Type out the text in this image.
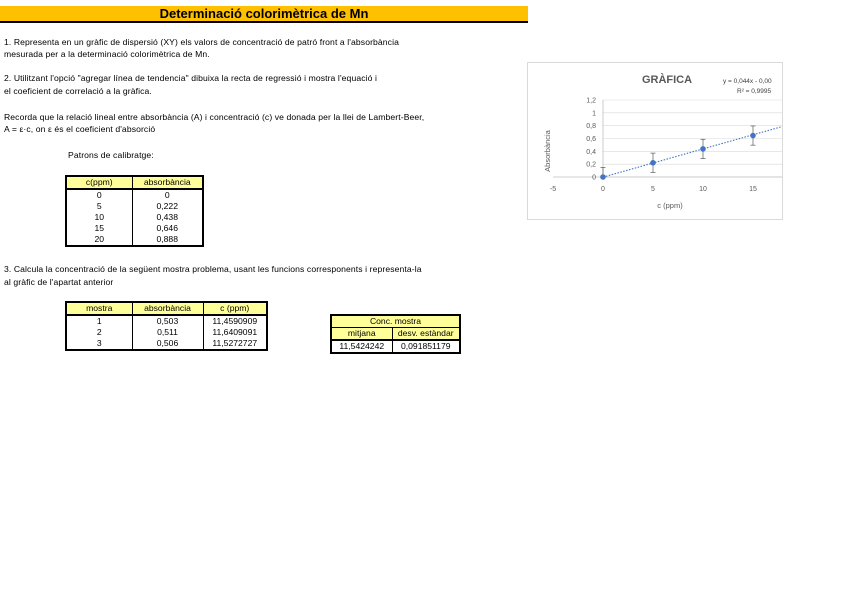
Determinació colorimètrica de Mn
1. Representa en un gràfic de dispersió (XY) els valors de concentració de patró front a l'absorbància
mesurada per a la determinació colorimètrica de Mn.
2. Utilitzant l'opció "agregar línea de tendencia" dibuixa la recta de regressió i mostra l'equació i
el coeficient de correlació a la gràfica.
Recorda que la relació lineal entre absorbància (A) i concentració (c) ve donada per la llei de Lambert-Beer,
A = ε·c, on ε és el coeficient d'absorció
Patrons de calibratge:
c(ppm)	absorbància
0	0
5	0,222
10	0,438
15	0,646
20	0,888
3. Calcula la concentració de la següent mostra problema, usant les funcions corresponents i representa-la
al gràfic de l'apartat anterior
mostra	absorbància	c (ppm)
1	0,503	11,4590909
2	0,511	11,6409091
3	0,506	11,5272727
Conc. mostra	
mitjana	desv. estàndar
11,5424242	0,091851179
-5	0	5	10	15
0
0,2
0,4
0,6
0,8
1
1,2
GRÀFICA	y = 0,044x - 0,00
R² = 0,9995
c (ppm)
Absorbància
